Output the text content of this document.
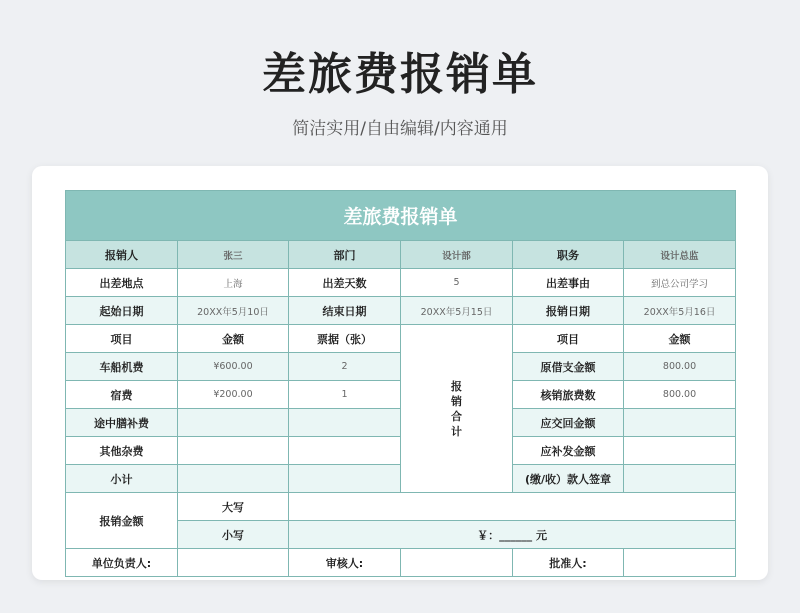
差旅费报销单
简洁实用/自由编辑/内容通用
差旅费报销单					
报销人	张三	部门	设计部	职务	设计总监
出差地点	上海	出差天数	5	出差事由	到总公司学习
起始日期	20XX年5月10日	结束日期	20XX年5月15日	报销日期	20XX年5月16日
项目	金额	票据（张）	报销合计	项目	金额
车船机费	¥600.00	2		原借支金额	800.00
宿费	¥200.00	1		核销旅费数	800.00
途中膳补费				应交回金额	
其他杂费				应补发金额	
小计				(缴/收）款人签章	
报销金额	大写				
	小写	￥：______ 元			
单位负责人:		审核人:		批准人:	
